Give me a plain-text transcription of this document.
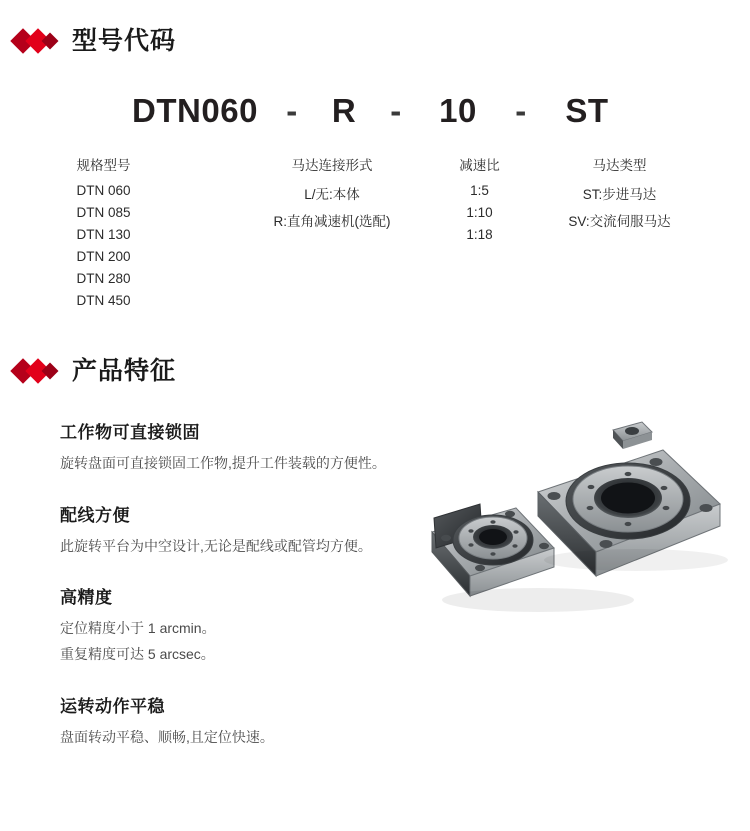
型号代码
DTN060 -	R	-	10	-	ST
规格型号
DTN 060
DTN 085
DTN 130
DTN 200
DTN 280
DTN 450
马达连接形式
L/无:本体
R:直角减速机(选配)
减速比
1:5
1:10
1:18
马达类型
ST:步进马达
SV:交流伺服马达
产品特征
工作物可直接锁固

旋转盘面可直接锁固工作物,提升工件装载的方便性。

配线方便

此旋转平台为中空设计,无论是配线或配管均方便。

高精度

定位精度小于 1 arcmin。

重复精度可达 5 arcsec。

运转动作平稳

盘面转动平稳、顺畅,且定位快速。
